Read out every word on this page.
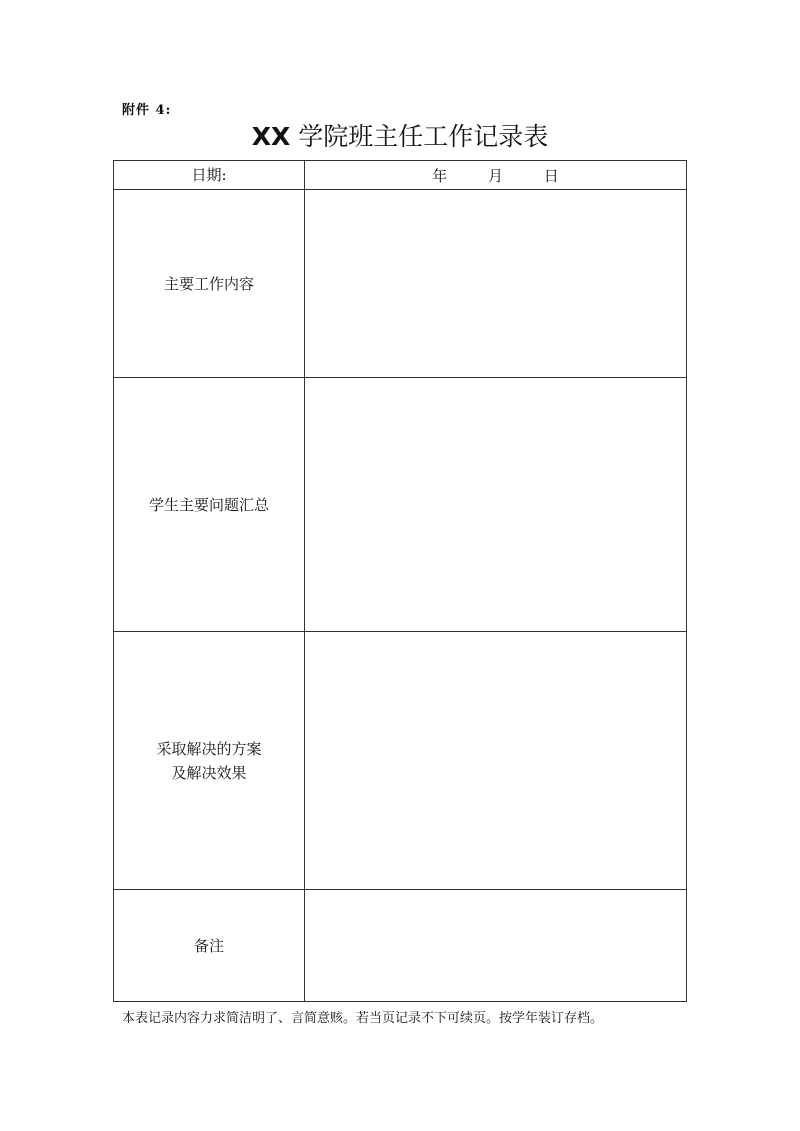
附件 4:
XX 学院班主任工作记录表
日期:	年 月 日
主要工作内容	
学生主要问题汇总	

采取解决的方案
及解决效果	

备注	
本表记录内容力求简洁明了、言简意赅。若当页记录不下可续页。按学年装订存档。
